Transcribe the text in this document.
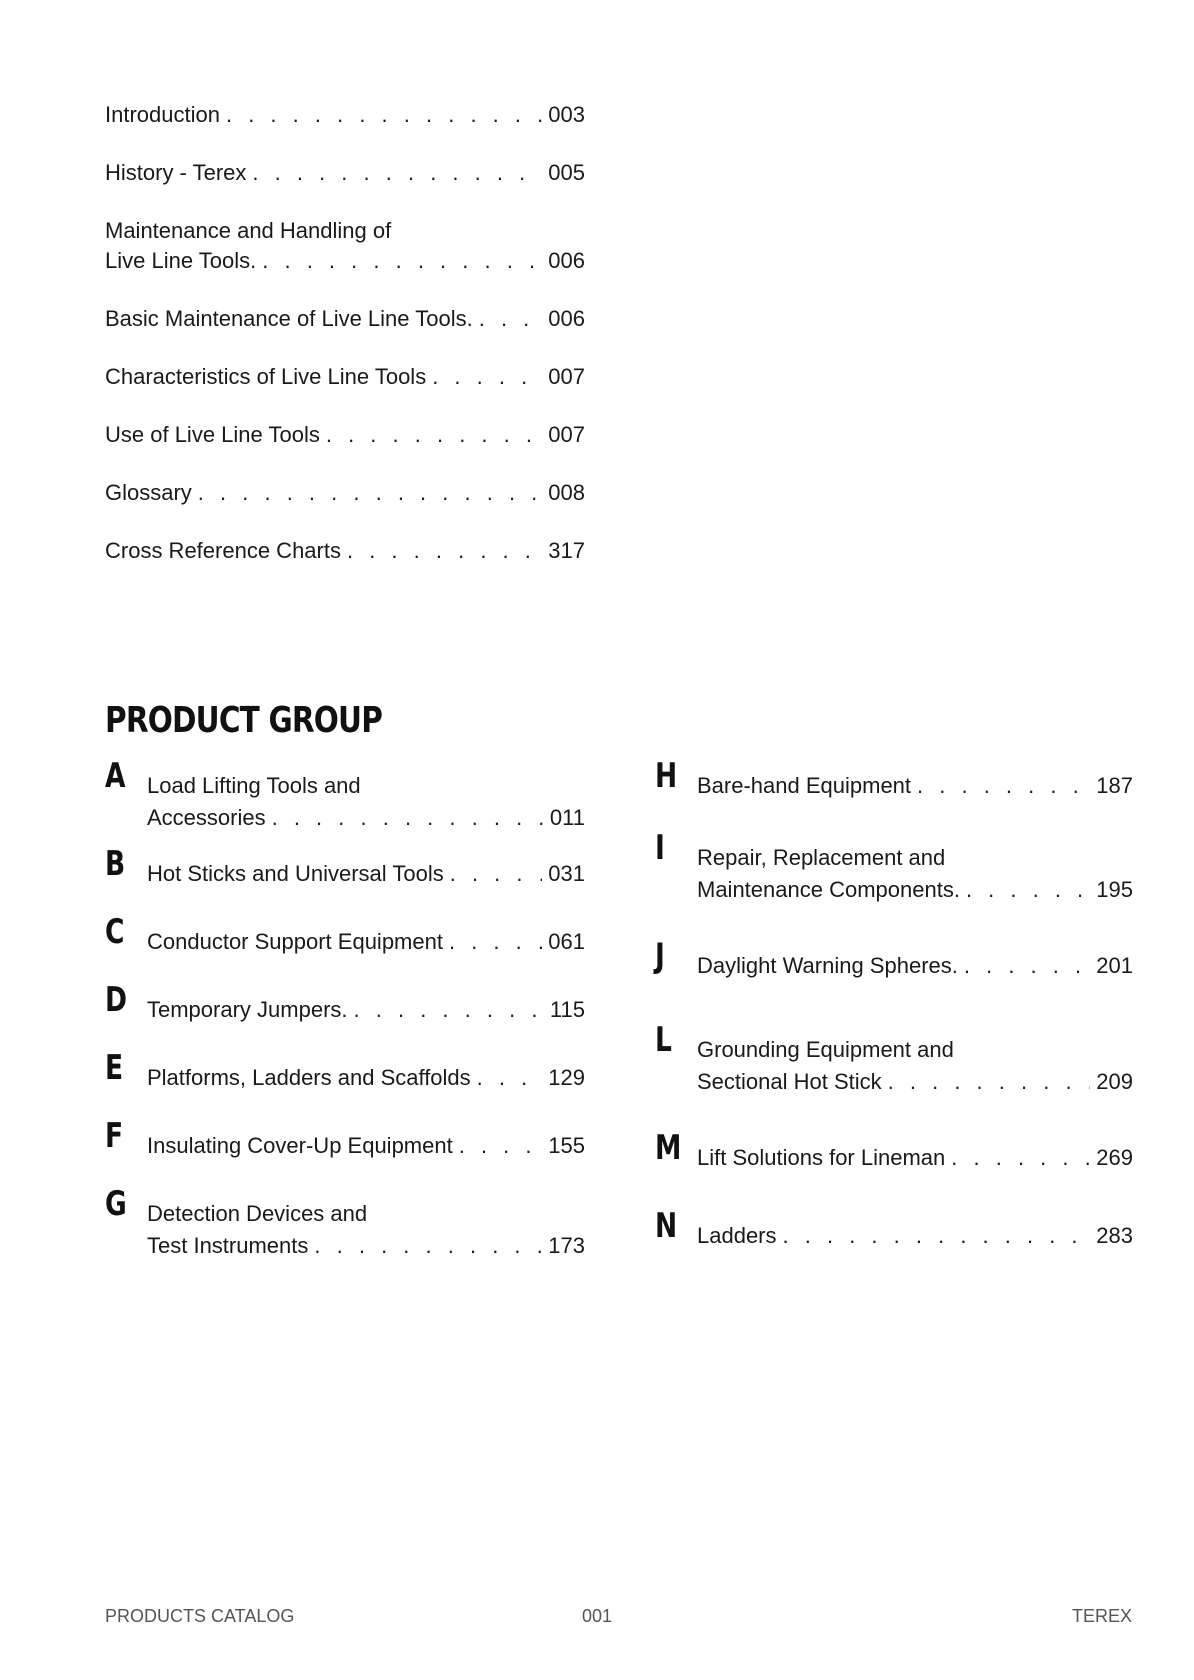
Introduction . . .	003
History - Terex . . .	005
Maintenance and Handling of
Live Line Tools. . . .	006
Basic Maintenance of Live Line Tools. . . .	006
Characteristics of Live Line Tools . . .	007
Use of Live Line Tools . . .	007
Glossary . . .	008
Cross Reference Charts . . .	317
PRODUCT GROUP
A Load Lifting Tools and
Accessories . . .	011
B Hot Sticks and Universal Tools . . .	031
C Conductor Support Equipment . . .	061
D Temporary Jumpers. . . .	115
E Platforms, Ladders and Scaffolds . . .	129
F Insulating Cover-Up Equipment . . .	155
G Detection Devices and
Test Instruments . . .	173
H Bare-hand Equipment . . .	187
I Repair, Replacement and
Maintenance Components. . . .	195
J Daylight Warning Spheres. . . .	201
L Grounding Equipment and
Sectional Hot Stick . . .	209
M Lift Solutions for Lineman . . .	269
N Ladders . . .	283
PRODUCTS CATALOG	001	TEREX
